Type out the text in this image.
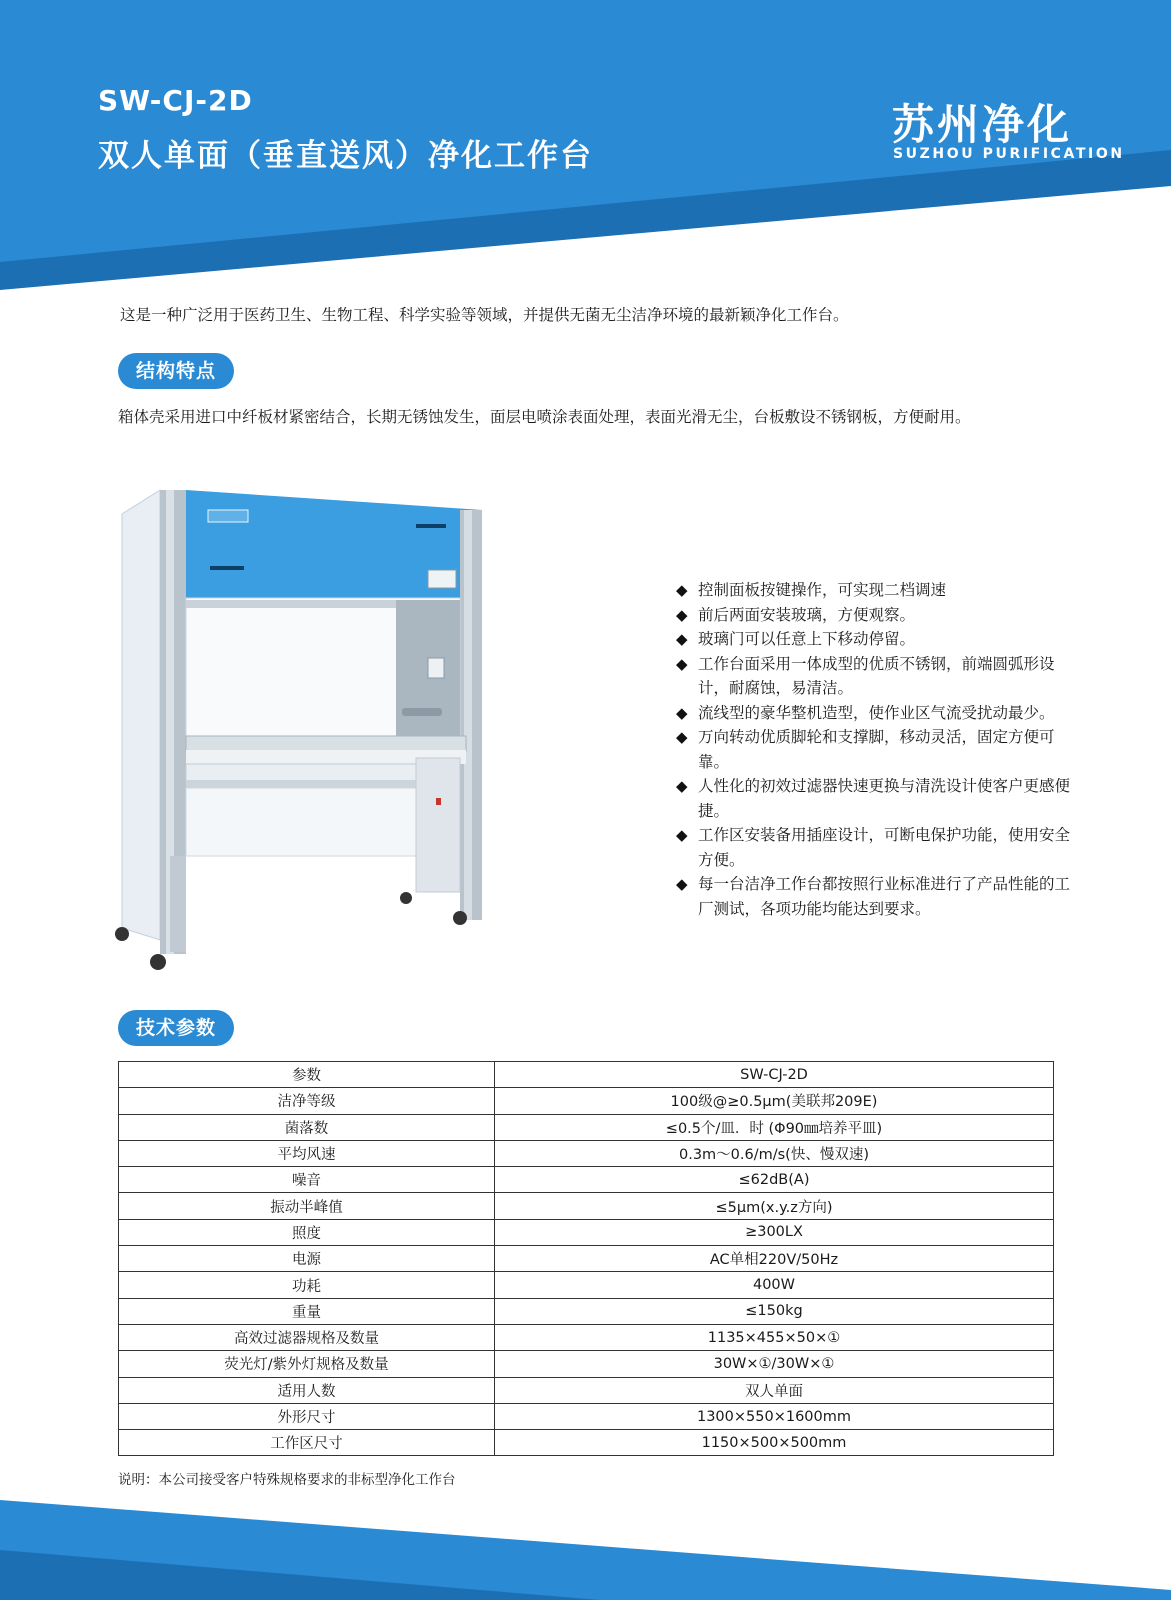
SW-CJ-2D
双人单面（垂直送风）净化工作台
苏州净化
SUZHOU PURIFICATION
这是一种广泛用于医药卫生、生物工程、科学实验等领域，并提供无菌无尘洁净环境的最新颖净化工作台。
结构特点
箱体壳采用进口中纤板材紧密结合，长期无锈蚀发生，面层电喷涂表面处理，表面光滑无尘，台板敷设不锈钢板，方便耐用。
◆ 控制面板按键操作，可实现二档调速
◆ 前后两面安装玻璃，方便观察。
◆ 玻璃门可以任意上下移动停留。
◆ 工作台面采用一体成型的优质不锈钢，前端圆弧形设计，耐腐蚀，易清洁。
◆ 流线型的豪华整机造型，使作业区气流受扰动最少。
◆ 万向转动优质脚轮和支撑脚，移动灵活，固定方便可靠。
◆ 人性化的初效过滤器快速更换与清洗设计使客户更感便捷。
◆ 工作区安装备用插座设计，可断电保护功能，使用安全方便。
◆ 每一台洁净工作台都按照行业标准进行了产品性能的工厂测试，各项功能均能达到要求。
技术参数
参数	SW-CJ-2D
洁净等级	100级@≥0.5μm(美联邦209E)
菌落数	≤0.5个/皿．时 (Φ90㎜培养平皿)
平均风速	0.3m～0.6/m/s(快、慢双速)
噪音	≤62dB(A)
振动半峰值	≤5μm(x.y.z方向)
照度	≥300LX
电源	AC单相220V/50Hz
功耗	400W
重量	≤150kg
高效过滤器规格及数量	1135×455×50×①
荧光灯/紫外灯规格及数量	30W×①/30W×①
适用人数	双人单面
外形尺寸	1300×550×1600mm
工作区尺寸	1150×500×500mm
说明：本公司接受客户特殊规格要求的非标型净化工作台
